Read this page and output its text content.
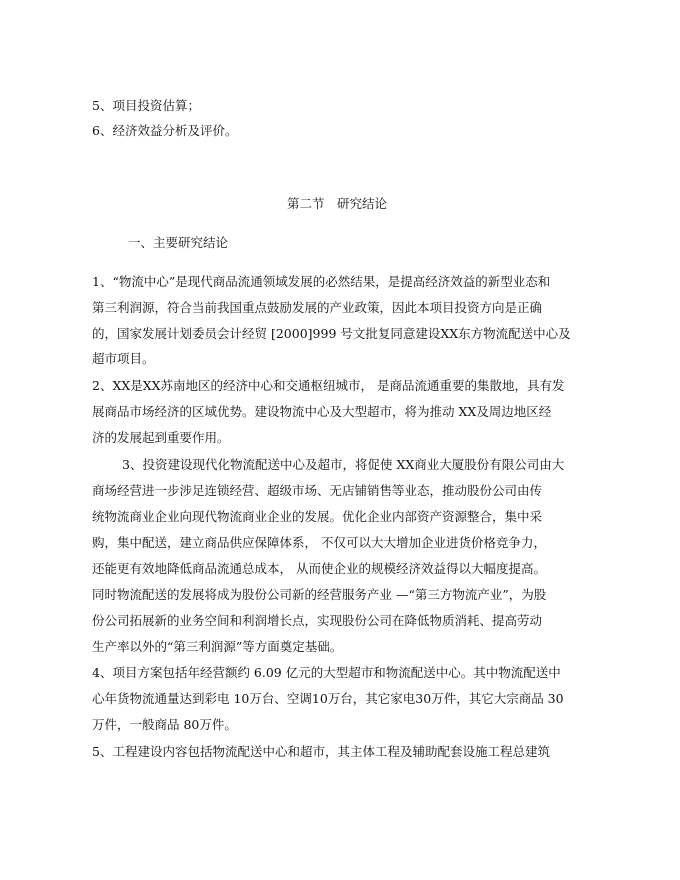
5、项目投资估算；
6、经济效益分析及评价。
第二节　研究结论
一、主要研究结论
1、“物流中心”是现代商品流通领域发展的必然结果，是提高经济效益的新型业态和
第三利润源，符合当前我国重点鼓励发展的产业政策，因此本项目投资方向是正确
的，国家发展计划委员会计经贸 [2000]999 号文批复同意建设XX东方物流配送中心及
超市项目。
2、XX是XX苏南地区的经济中心和交通枢纽城市， 是商品流通重要的集散地，具有发
展商品市场经济的区域优势。建设物流中心及大型超市，将为推动 XX及周边地区经
济的发展起到重要作用。
3、投资建设现代化物流配送中心及超市，将促使 XX商业大厦股份有限公司由大
商场经营进一步涉足连锁经营、超级市场、无店铺销售等业态，推动股份公司由传
统物流商业企业向现代物流商业企业的发展。优化企业内部资产资源整合，集中采
购，集中配送，建立商品供应保障体系， 不仅可以大大增加企业进货价格竞争力，
还能更有效地降低商品流通总成本， 从而使企业的规模经济效益得以大幅度提高。
同时物流配送的发展将成为股份公司新的经营服务产业 —“第三方物流产业”，为股
份公司拓展新的业务空间和利润增长点，实现股份公司在降低物质消耗、提高劳动
生产率以外的“第三利润源”等方面奠定基础。
4、项目方案包括年经营额约 6.09 亿元的大型超市和物流配送中心。其中物流配送中
心年货物流通量达到彩电 10万台、空调10万台，其它家电30万件，其它大宗商品 30
万件，一般商品 80万件。
5、工程建设内容包括物流配送中心和超市，其主体工程及辅助配套设施工程总建筑
